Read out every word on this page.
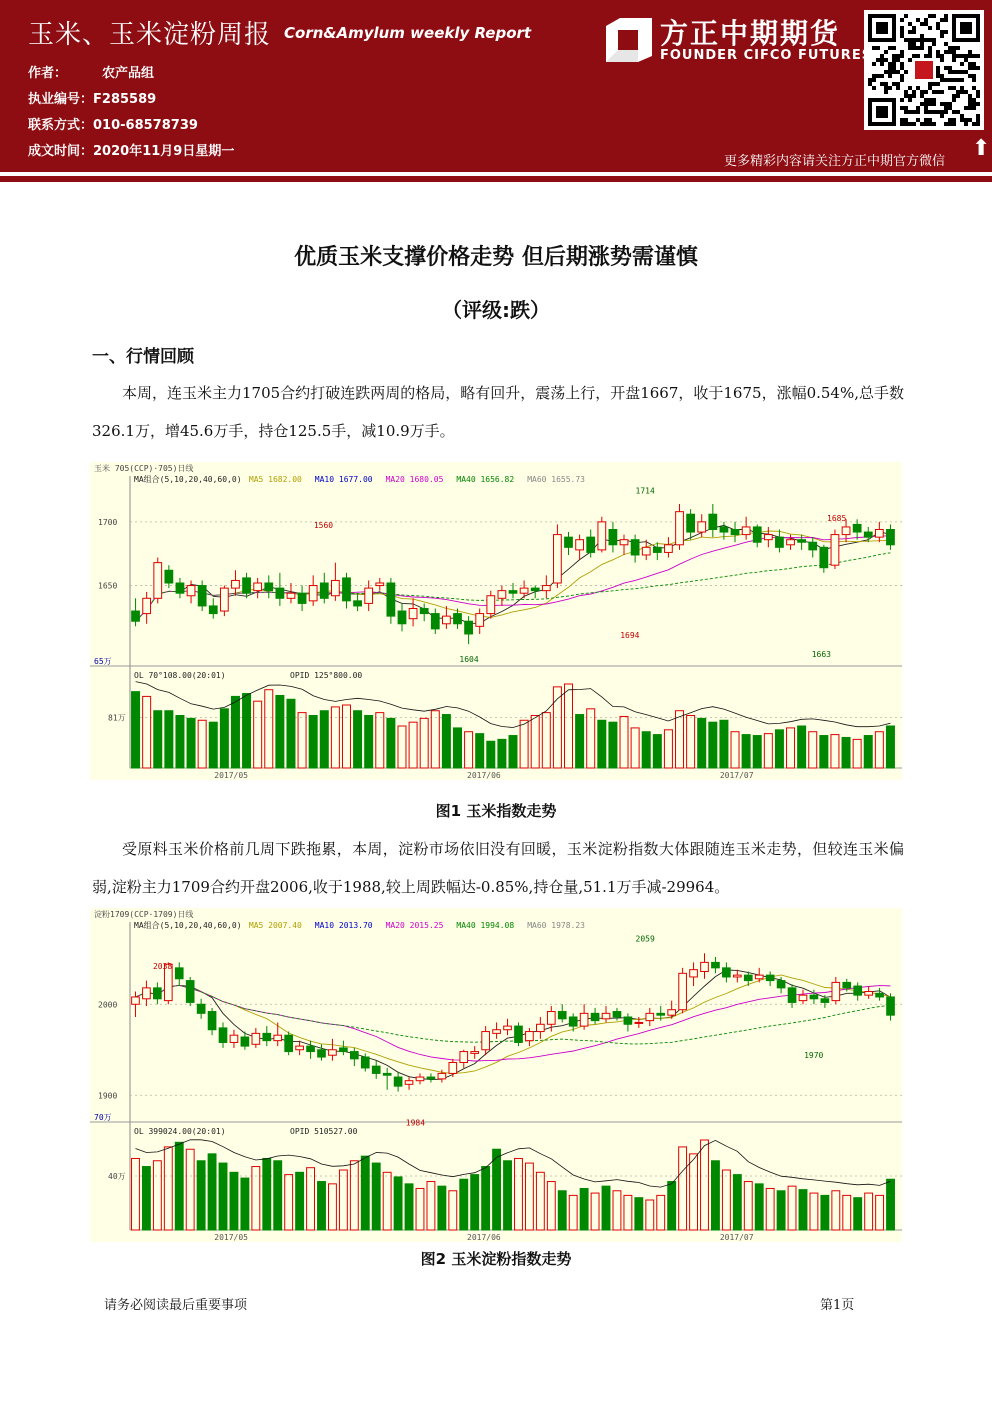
玉米、玉米淀粉周报 Corn&Amylum weekly Report
作者：	农产品组
执业编号：F285589
联系方式：010-68578739
成文时间：2020年11月9日星期一
方正中期期货
FOUNDER CIFCO FUTURES
更多精彩内容请关注方正中期官方微信
⬆
优质玉米支撑价格走势 但后期涨势需谨慎
（评级:跌）
一、行情回顾
本周，连玉米主力1705合约打破连跌两周的格局，略有回升，震荡上行，开盘1667，收于1675，涨幅0.54%,总手数326.1万，增45.6万手，持仓125.5手，减10.9万手。
玉米 705(CCP)·705)日线
MA组合(5,10,20,40,60,0) MA5 1682.00 MA10 1677.00 MA20 1680.05 MA40 1656.82 MA60 1655.73
1700
1650
1560
1714
1694
1604
1685
1663
65万
OL 70°108.00(20:01)	OPID 125°800.00
81万
2017/05	2017/06	2017/07
图1 玉米指数走势
受原料玉米价格前几周下跌拖累，本周，淀粉市场依旧没有回暖，玉米淀粉指数大体跟随连玉米走势，但较连玉米偏弱,淀粉主力1709合约开盘2006,收于1988,较上周跌幅达-0.85%,持仓量,51.1万手减-29964。
淀粉1709(CCP·1709)日线
MA组合(5,10,20,40,60,0) MA5 2007.40 MA10 2013.70 MA20 2015.25 MA40 1994.08 MA60 1978.23
2000
1900
2038
2059
1984
1970
70万
OL 399024.00(20:01)	OPID 510527.00
40万
2017/05	2017/06	2017/07
图2 玉米淀粉指数走势
请务必阅读最后重要事项	第1页
